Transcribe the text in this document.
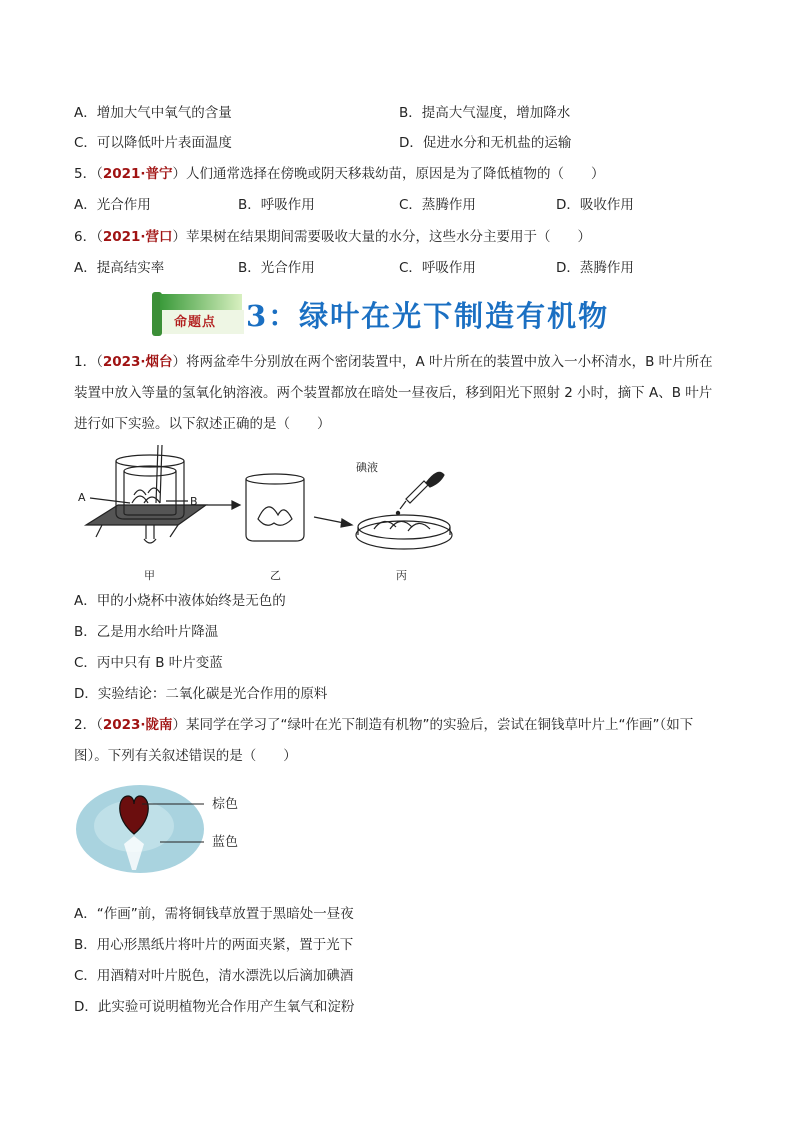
A．增加大气中氧气的含量	B．提高大气湿度，增加降水
C．可以降低叶片表面温度	D．促进水分和无机盐的运输
5．（2021·普宁）人们通常选择在傍晚或阴天移栽幼苗，原因是为了降低植物的（　　）
A．光合作用	B．呼吸作用	C．蒸腾作用	D．吸收作用
6．（2021·营口）苹果树在结果期间需要吸收大量的水分，这些水分主要用于（　　）
A．提高结实率	B．光合作用	C．呼吸作用	D．蒸腾作用
命题点 3：绿叶在光下制造有机物
1．（2023·烟台）将两盆牵牛分别放在两个密闭装置中，A 叶片所在的装置中放入一小杯清水，B 叶片所在
装置中放入等量的氢氧化钠溶液。两个装置都放在暗处一昼夜后，移到阳光下照射 2 小时，摘下 A、B 叶片
进行如下实验。以下叙述正确的是（　　）
A	B
甲	乙	丙
碘液
A．甲的小烧杯中液体始终是无色的
B．乙是用水给叶片降温
C．丙中只有 B 叶片变蓝
D．实验结论：二氧化碳是光合作用的原料
2．（2023·陇南）某同学在学习了“绿叶在光下制造有机物”的实验后，尝试在铜钱草叶片上“作画”（如下
图）。下列有关叙述错误的是（　　）
棕色
蓝色
A．“作画”前，需将铜钱草放置于黑暗处一昼夜
B．用心形黑纸片将叶片的两面夹紧，置于光下
C．用酒精对叶片脱色，清水漂洗以后滴加碘酒
D．此实验可说明植物光合作用产生氧气和淀粉
